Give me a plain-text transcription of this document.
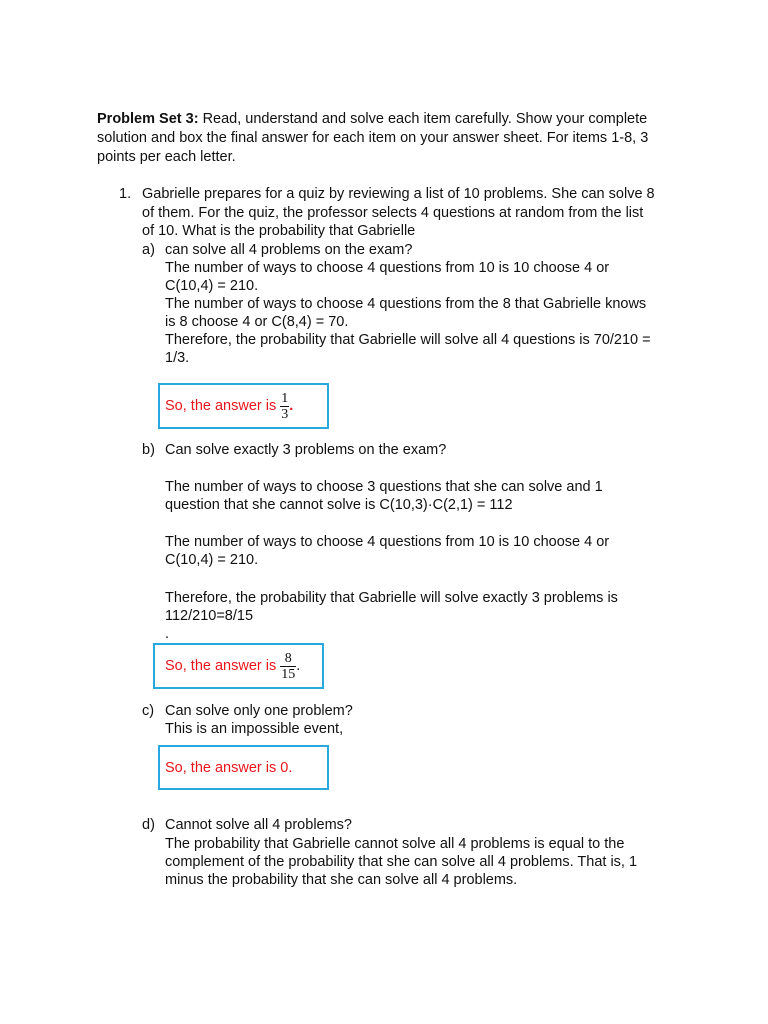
Problem Set 3: Read, understand and solve each item carefully. Show your complete
solution and box the final answer for each item on your answer sheet. For items 1-8, 3
points per each letter.
1. Gabrielle prepares for a quiz by reviewing a list of 10 problems. She can solve 8
of them. For the quiz, the professor selects 4 questions at random from the list
of 10. What is the probability that Gabrielle
a) can solve all 4 problems on the exam?
The number of ways to choose 4 questions from 10 is 10 choose 4 or
C(10,4) = 210.
The number of ways to choose 4 questions from the 8 that Gabrielle knows
is 8 choose 4 or C(8,4) = 70.
Therefore, the probability that Gabrielle will solve all 4 questions is 70/210 =
1/3.
So, the answer is $\frac{1}{3}$ .
b) Can solve exactly 3 problems on the exam?
The number of ways to choose 3 questions that she can solve and 1
question that she cannot solve is C(10,3)·C(2,1) = 112
The number of ways to choose 4 questions from 10 is 10 choose 4 or
C(10,4) = 210.
Therefore, the probability that Gabrielle will solve exactly 3 problems is
112/210=8/15
.
So, the answer is $\frac{8}{15}$ .
c) Can solve only one problem?
This is an impossible event,
So, the answer is 0.
d) Cannot solve all 4 problems?
The probability that Gabrielle cannot solve all 4 problems is equal to the
complement of the probability that she can solve all 4 problems. That is, 1
minus the probability that she can solve all 4 problems.
